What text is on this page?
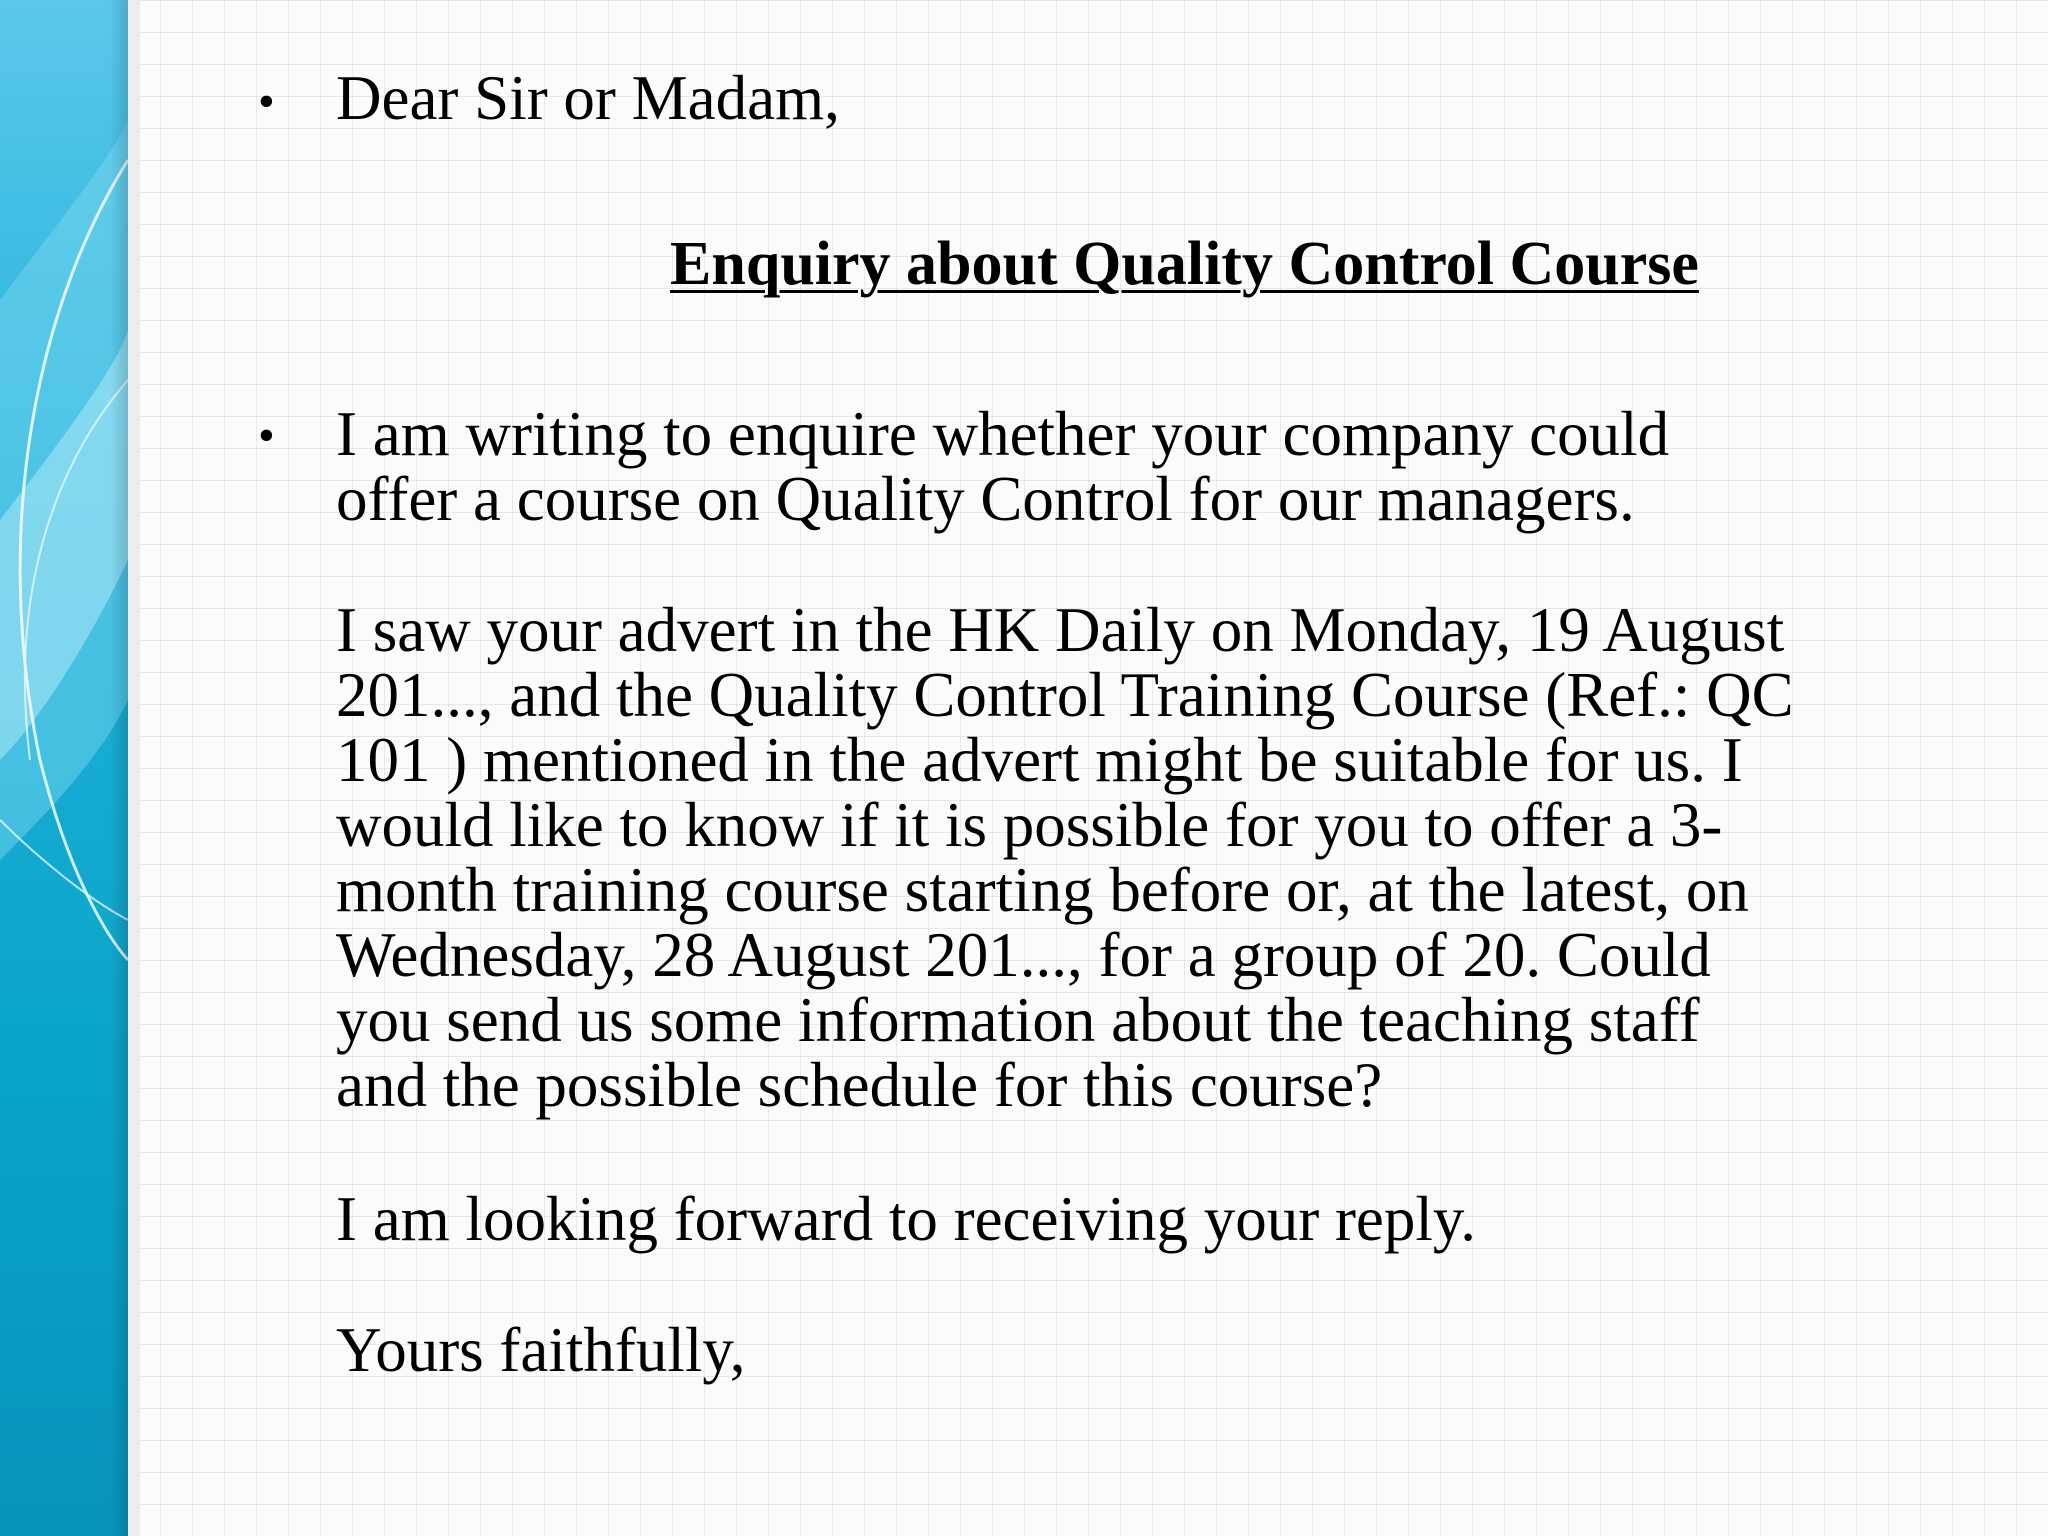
• Dear Sir or Madam,
Enquiry about Quality Control Course
• I am writing to enquire whether your company could
offer a course on Quality Control for our managers.
I saw your advert in the HK Daily on Monday, 19 August
201..., and the Quality Control Training Course (Ref.: QC
101 ) mentioned in the advert might be suitable for us. I
would like to know if it is possible for you to offer a 3-
month training course starting before or, at the latest, on
Wednesday, 28 August 201..., for a group of 20. Could
you send us some information about the teaching staff
and the possible schedule for this course?
I am looking forward to receiving your reply.
Yours faithfully,
